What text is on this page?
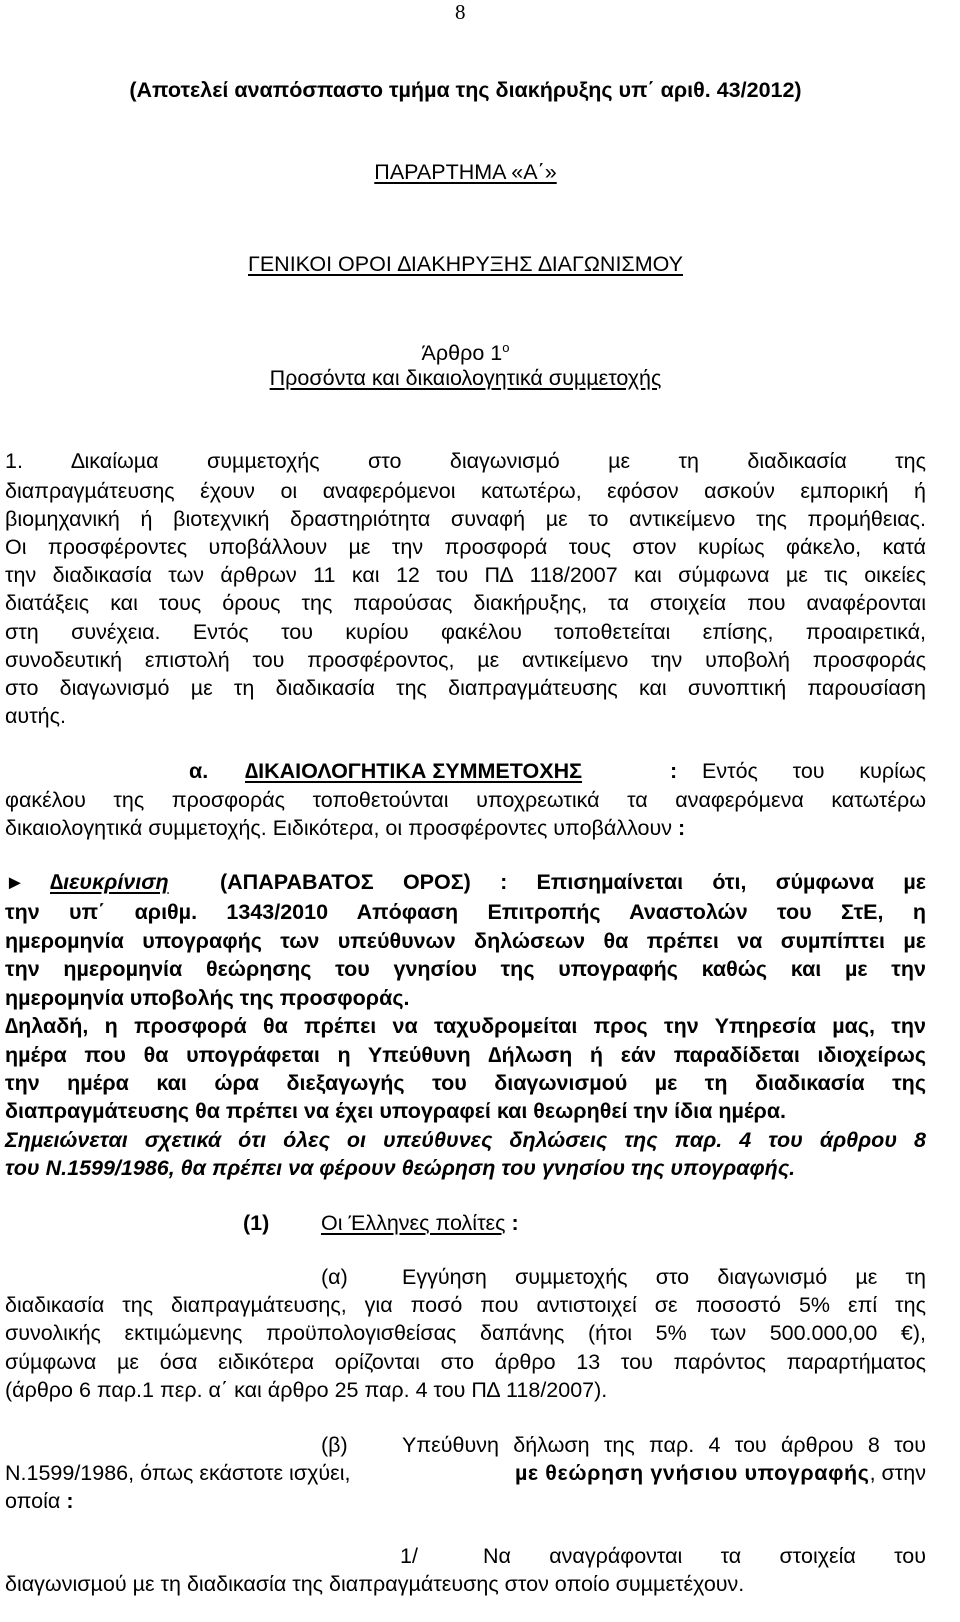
8
(Αποτελεί αναπόσπαστο τµήµα της διακήρυξης υπ΄ αριθ. 43/2012)
ΠΑΡΑΡΤΗΜΑ «Α΄»
ΓΕΝΙΚΟΙ ΟΡΟΙ ∆ΙΑΚΗΡΥΞΗΣ ∆ΙΑΓΩΝΙΣΜΟΥ
Άρθρο $1^o$
Προσόντα και δικαιολογητικά συµµετοχής
1. ∆ικαίωµα συµµετοχής στο διαγωνισµό µε τη διαδικασία της
διαπραγµάτευσης έχουν οι αναφερόµενοι κατωτέρω, εφόσον ασκούν εµπορική ή
βιοµηχανική ή βιοτεχνική δραστηριότητα συναφή µε το αντικείµενο της προµήθειας.
Οι προσφέροντες υποβάλλουν µε την προσφορά τους στον κυρίως φάκελο, κατά
την διαδικασία των άρθρων 11 και 12 του Π∆ 118/2007 και σύµφωνα µε τις οικείες
διατάξεις και τους όρους της παρούσας διακήρυξης, τα στοιχεία που αναφέρονται
στη συνέχεια. Εντός του κυρίου φακέλου τοποθετείται επίσης, προαιρετικά,
συνοδευτική επιστολή του προσφέροντος, µε αντικείµενο την υποβολή προσφοράς
στο διαγωνισµό µε τη διαδικασία της διαπραγµάτευσης και συνοπτική παρουσίαση
αυτής.
α. ∆ΙΚΑΙΟΛΟΓΗΤΙΚΑ ΣΥΜΜΕΤΟΧΗΣ	: Εντός του κυρίως
φακέλου της προσφοράς τοποθετούνται υποχρεωτικά τα αναφερόµενα κατωτέρω
δικαιολογητικά συµµετοχής. Ειδικότερα, οι προσφέροντες υποβάλλουν :
► ∆ιευκρίνιση (ΑΠΑΡΑΒΑΤΟΣ ΟΡΟΣ) : Επισηµαίνεται ότι, σύµφωνα µε
την υπ΄ αριθµ. 1343/2010 Απόφαση Επιτροπής Αναστολών του ΣτΕ, η
ηµεροµηνία υπογραφής των υπεύθυνων δηλώσεων θα πρέπει να συµπίπτει µε
την ηµεροµηνία θεώρησης του γνησίου της υπογραφής καθώς και µε την
ηµεροµηνία υποβολής της προσφοράς.
∆ηλαδή, η προσφορά θα πρέπει να ταχυδροµείται προς την Υπηρεσία µας, την
ηµέρα που θα υπογράφεται η Υπεύθυνη ∆ήλωση ή εάν παραδίδεται ιδιοχείρως
την ηµέρα και ώρα διεξαγωγής του διαγωνισµού µε τη διαδικασία της
διαπραγµάτευσης θα πρέπει να έχει υπογραφεί και θεωρηθεί την ίδια ηµέρα.
Σηµειώνεται σχετικά ότι όλες οι υπεύθυνες δηλώσεις της παρ. 4 του άρθρου 8
του Ν.1599/1986, θα πρέπει να φέρουν θεώρηση του γνησίου της υπογραφής.
(1) Οι Έλληνες πολίτες :
(α)	Εγγύηση συµµετοχής στο διαγωνισµό µε τη
διαδικασία της διαπραγµάτευσης, για ποσό που αντιστοιχεί σε ποσοστό 5% επί της
συνολικής εκτιµώµενης προϋπολογισθείσας δαπάνης (ήτοι 5% των 500.000,00 €),
σύµφωνα µε όσα ειδικότερα ορίζονται στο άρθρο 13 του παρόντος παραρτήµατος
(άρθρο 6 παρ.1 περ. α΄ και άρθρο 25 παρ. 4 του Π∆ 118/2007).
(β)	Υπεύθυνη δήλωση της παρ. 4 του άρθρου 8 του
Ν.1599/1986, όπως εκάστοτε ισχύει,	µε θεώρηση γνήσιου υπογραφής, στην
οποία :
1/	Να αναγράφονται τα στοιχεία του
διαγωνισµού µε τη διαδικασία της διαπραγµάτευσης στον οποίο συµµετέχουν.
